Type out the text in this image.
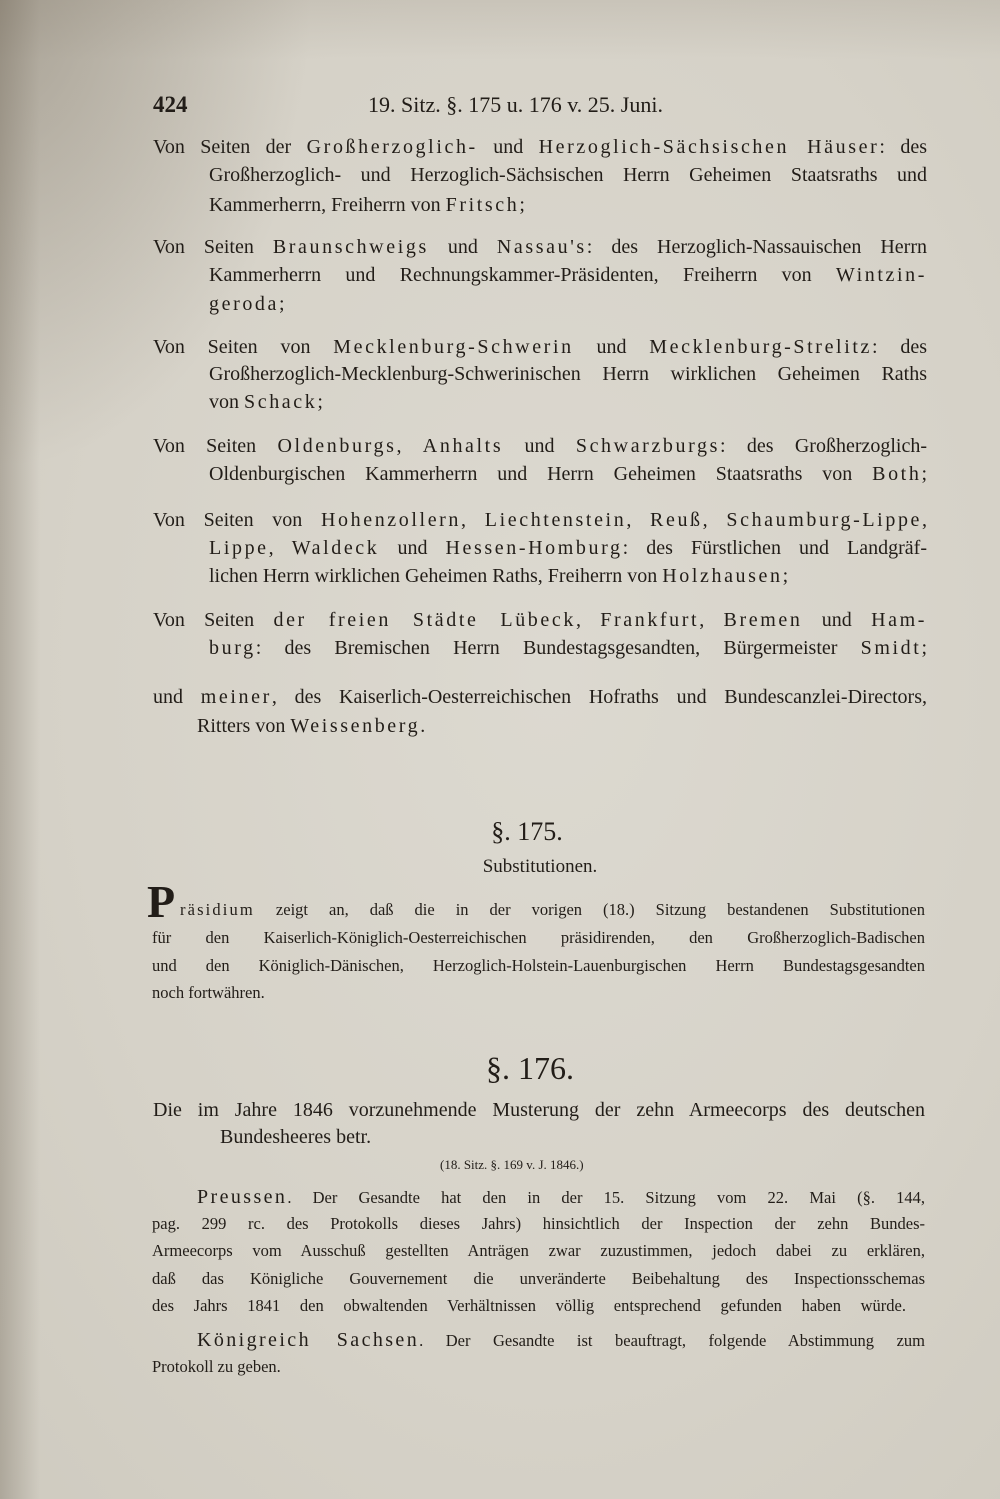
424	19. Sitz. §. 175 u. 176 v. 25. Juni.
Von Seiten der Großherzoglich- und Herzoglich-Sächsischen Häuser: des
Großherzoglich- und Herzoglich-Sächsischen Herrn Geheimen Staatsraths und
Kammerherrn, Freiherrn von Fritsch;
Von Seiten Braunschweigs und Nassau's: des Herzoglich-Nassauischen Herrn
Kammerherrn und Rechnungskammer-Präsidenten, Freiherrn von Wintzin-
geroda;
Von Seiten von Mecklenburg-Schwerin und Mecklenburg-Strelitz: des
Großherzoglich-Mecklenburg-Schwerinischen Herrn wirklichen Geheimen Raths
von Schack;
Von Seiten Oldenburgs, Anhalts und Schwarzburgs: des Großherzoglich-
Oldenburgischen Kammerherrn und Herrn Geheimen Staatsraths von Both;
Von Seiten von Hohenzollern, Liechtenstein, Reuß, Schaumburg-Lippe,
Lippe, Waldeck und Hessen-Homburg: des Fürstlichen und Landgräf-
lichen Herrn wirklichen Geheimen Raths, Freiherrn von Holzhausen;
Von Seiten der freien Städte Lübeck, Frankfurt, Bremen und Ham-
burg: des Bremischen Herrn Bundestagsgesandten, Bürgermeister Smidt;
und meiner, des Kaiserlich-Oesterreichischen Hofraths und Bundescanzlei-Directors,
Ritters von Weissenberg.
§. 175.
Substitutionen.
P räsidium zeigt an, daß die in der vorigen (18.) Sitzung bestandenen Substitutionen
für den Kaiserlich-Königlich-Oesterreichischen präsidirenden, den Großherzoglich-Badischen
und den Königlich-Dänischen, Herzoglich-Holstein-Lauenburgischen Herrn Bundestagsgesandten
noch fortwähren.
§. 176.
Die im Jahre 1846 vorzunehmende Musterung der zehn Armeecorps des deutschen
Bundesheeres betr.
(18. Sitz. §. 169 v. J. 1846.)
Preussen. Der Gesandte hat den in der 15. Sitzung vom 22. Mai (§. 144,
pag. 299 rc. des Protokolls dieses Jahrs) hinsichtlich der Inspection der zehn Bundes-
Armeecorps vom Ausschuß gestellten Anträgen zwar zuzustimmen, jedoch dabei zu erklären,
daß das Königliche Gouvernement die unveränderte Beibehaltung des Inspectionsschemas
des Jahrs 1841 den obwaltenden Verhältnissen völlig entsprechend gefunden haben würde.
Königreich Sachsen. Der Gesandte ist beauftragt, folgende Abstimmung zum
Protokoll zu geben.
